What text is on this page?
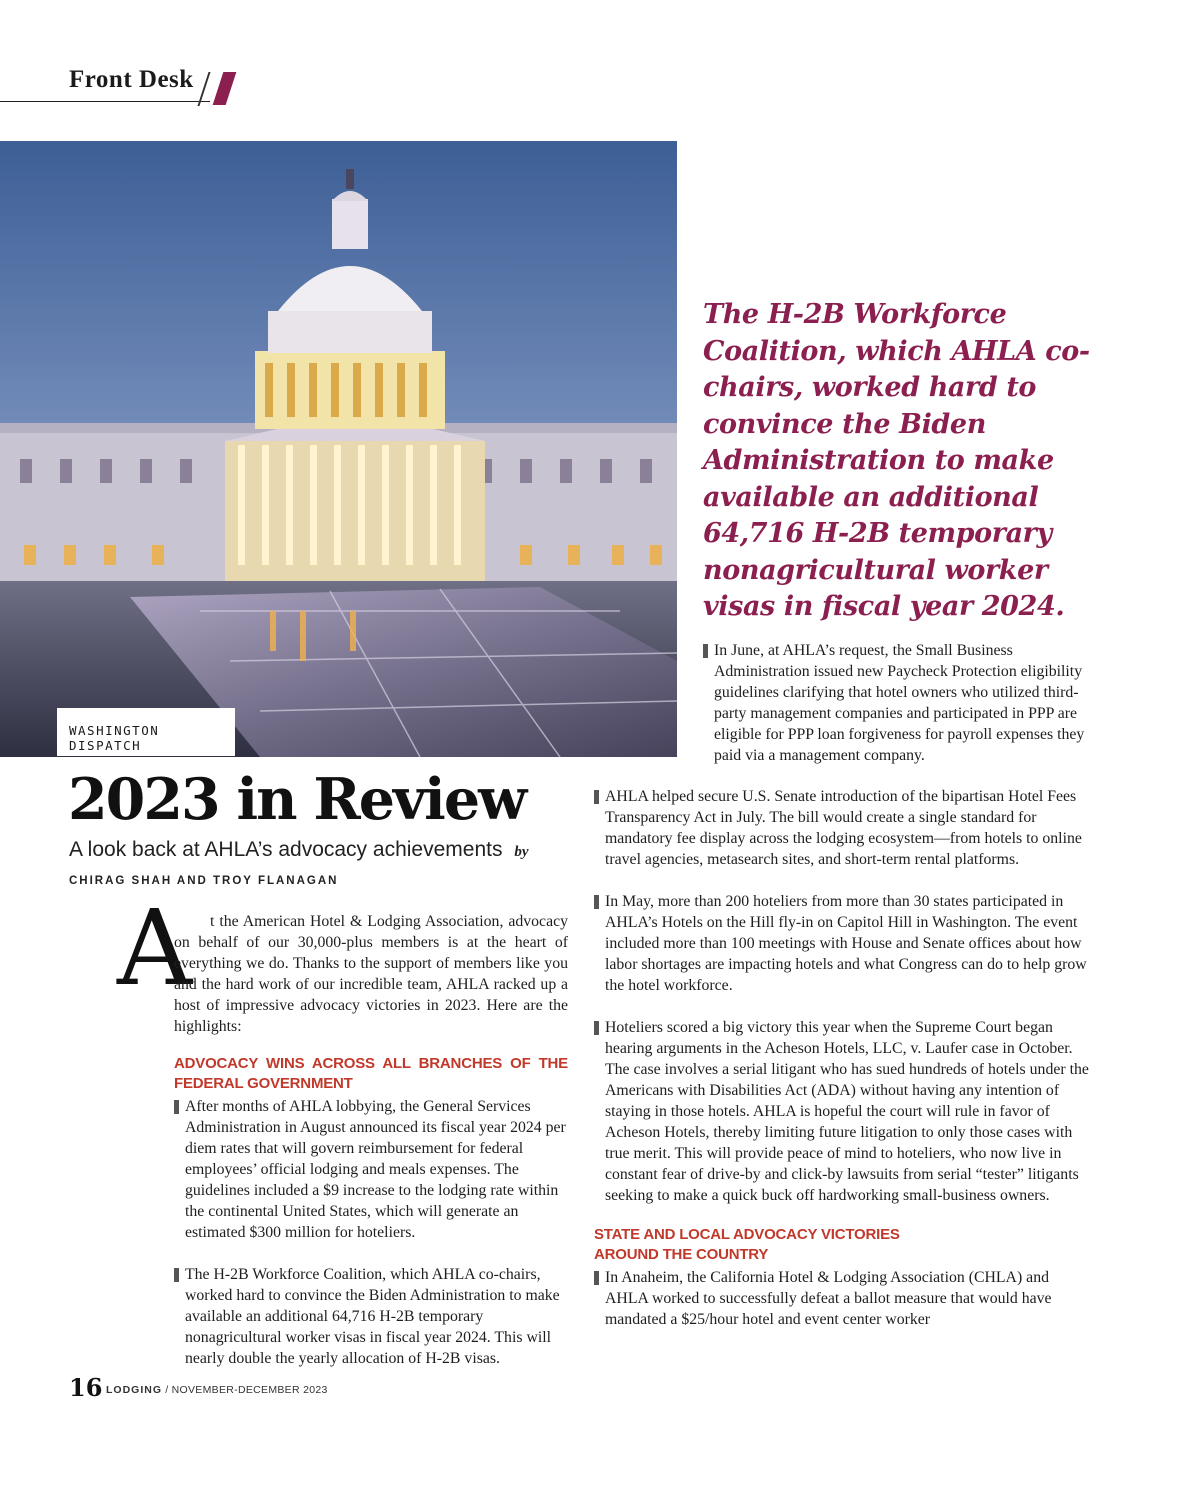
Front Desk
WASHINGTON DISPATCH
The H-2B Workforce Coalition, which AHLA co-chairs, worked hard to convince the Biden Administration to make available an additional 64,716 H-2B temporary nonagricultural worker visas in fiscal year 2024.

In June, at AHLA’s request, the Small Business Administration issued new Paycheck Protection eligibility guidelines clarifying that hotel owners who utilized third-party management companies and participated in PPP are eligible for PPP loan forgiveness for payroll expenses they paid via a management company.

2023 in Review
A look back at AHLA’s advocacy achievements by CHIRAG SHAH AND TROY FLANAGAN
A	t the American Hotel & Lodging Association, advocacy on behalf of our 30,000-plus members is at the heart of everything we do. Thanks to the support of members like you and the hard work of our incredible team, AHLA racked up a host of impressive advocacy victories in 2023. Here are the highlights:

ADVOCACY WINS ACROSS ALL BRANCHES OF THE FEDERAL GOVERNMENT

After months of AHLA lobbying, the General Services Administration in August announced its fiscal year 2024 per diem rates that will govern reimbursement for federal employees’ official lodging and meals expenses. The guidelines included a $9 increase to the lodging rate within the continental United States, which will generate an estimated $300 million for hoteliers.

The H-2B Workforce Coalition, which AHLA co-chairs, worked hard to convince the Biden Administration to make available an additional 64,716 H-2B temporary nonagricultural worker visas in fiscal year 2024. This will nearly double the yearly allocation of H-2B visas.

AHLA helped secure U.S. Senate introduction of the bipartisan Hotel Fees Transparency Act in July. The bill would create a single standard for mandatory fee display across the lodging ecosystem—from hotels to online travel agencies, metasearch sites, and short-term rental platforms.

In May, more than 200 hoteliers from more than 30 states participated in AHLA’s Hotels on the Hill fly-in on Capitol Hill in Washington. The event included more than 100 meetings with House and Senate offices about how labor shortages are impacting hotels and what Congress can do to help grow the hotel workforce.

Hoteliers scored a big victory this year when the Supreme Court began hearing arguments in the Acheson Hotels, LLC, v. Laufer case in October. The case involves a serial litigant who has sued hundreds of hotels under the Americans with Disabilities Act (ADA) without having any intention of staying in those hotels. AHLA is hopeful the court will rule in favor of Acheson Hotels, thereby limiting future litigation to only those cases with true merit. This will provide peace of mind to hoteliers, who now live in constant fear of drive-by and click-by lawsuits from serial “tester” litigants seeking to make a quick buck off hardworking small-business owners.

STATE AND LOCAL ADVOCACY VICTORIES AROUND THE COUNTRY

In Anaheim, the California Hotel & Lodging Association (CHLA) and AHLA worked to successfully defeat a ballot measure that would have mandated a $25/hour hotel and event center worker

16 LODGING / NOVEMBER-DECEMBER 2023
